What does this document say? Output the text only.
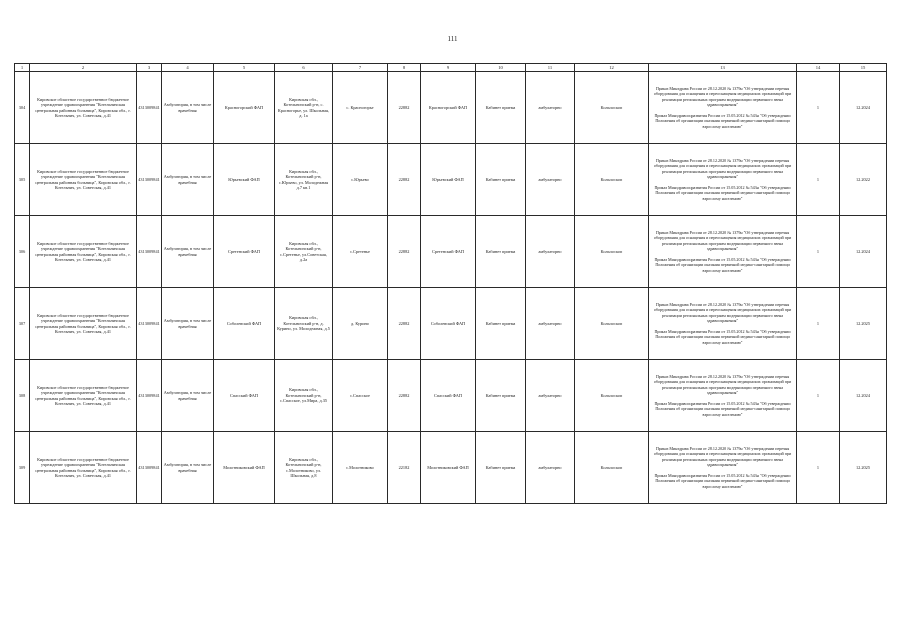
111
1	2	3	4	5	6	7	8	9	10	11	12	13	14	15
304	Кировское областное государственное бюджетное учреждение здравоохранения "Котельничская центральная районная больница", Кировская обл., г. Котельнич, ул. Советская, д.41	4313009841	Амбулатория, в том числе врачебная	Красногорский ФАП	Кировская обл., Котельничский р-н, с. Красногорье, ул. Школьная, д. 1а	с. Красногорье	22882	Красногорский ФАП	Кабинет приема	амбулаторно	Кольпоскоп	Приказ Минздрава России от 28.12.2020 № 1379н "Об утверждении перечня оборудования для оснащения и переоснащения медицинских организаций при реализации региональных программ модернизации первичного звена здравоохранения"
Приказ Минздравсоцразвития России от 15.05.2012 № 543н "Об утверждении Положения об организации оказания первичной медико-санитарной помощи взрослому населению"	1	12.2024
305	Кировское областное государственное бюджетное учреждение здравоохранения "Котельничская центральная районная больница", Кировская обл., г. Котельнич, ул. Советская, д.41	4313009841	Амбулатория, в том числе врачебная	Юрьевский ФАП	Кировская обл., Котельничский р-н, с.Юрьево, ул. Молодежная д.7 кв.1	с.Юрьево	22882	Юрьевский ФАП	Кабинет приема	амбулаторно	Кольпоскоп	Приказ Минздрава России от 28.12.2020 № 1379н "Об утверждении перечня оборудования для оснащения и переоснащения медицинских организаций при реализации региональных программ модернизации первичного звена здравоохранения"
Приказ Минздравсоцразвития России от 15.05.2012 № 543н "Об утверждении Положения об организации оказания первичной медико-санитарной помощи взрослому населению"	1	12.2022
306	Кировское областное государственное бюджетное учреждение здравоохранения "Котельничская центральная районная больница", Кировская обл., г. Котельнич, ул. Советская, д.41	4313009841	Амбулатория, в том числе врачебная	Сретенский ФАП	Кировская обл., Котельничский р-н, с.Сретенье, ул.Советская, д.2а	с.Сретенье	22882	Сретенский ФАП	Кабинет приема	амбулаторно	Кольпоскоп	Приказ Минздрава России от 28.12.2020 № 1379н "Об утверждении перечня оборудования для оснащения и переоснащения медицинских организаций при реализации региональных программ модернизации первичного звена здравоохранения"
Приказ Минздравсоцразвития России от 15.05.2012 № 543н "Об утверждении Положения об организации оказания первичной медико-санитарной помощи взрослому населению"	1	12.2024
307	Кировское областное государственное бюджетное учреждение здравоохранения "Котельничская центральная районная больница", Кировская обл., г. Котельнич, ул. Советская, д.41	4313009841	Амбулатория, в том числе врачебная	Соболевский ФАП	Кировская обл., Котельничский р-н, д. Курино, ул. Молодежная, д.5	д. Курино	22882	Соболевский ФАП	Кабинет приема	амбулаторно	Кольпоскоп	Приказ Минздрава России от 28.12.2020 № 1379н "Об утверждении перечня оборудования для оснащения и переоснащения медицинских организаций при реализации региональных программ модернизации первичного звена здравоохранения"
Приказ Минздравсоцразвития России от 15.05.2012 № 543н "Об утверждении Положения об организации оказания первичной медико-санитарной помощи взрослому населению"	1	12.2025
308	Кировское областное государственное бюджетное учреждение здравоохранения "Котельничская центральная районная больница", Кировская обл., г. Котельнич, ул. Советская, д.41	4313009841	Амбулатория, в том числе врачебная	Спасский ФАП	Кировская обл., Котельничский р-н, с.Спасское, ул.Мира, д.35	с.Спасское	22882	Спасский ФАП	Кабинет приема	амбулаторно	Кольпоскоп	Приказ Минздрава России от 28.12.2020 № 1379н "Об утверждении перечня оборудования для оснащения и переоснащения медицинских организаций при реализации региональных программ модернизации первичного звена здравоохранения"
Приказ Минздравсоцразвития России от 15.05.2012 № 543н "Об утверждении Положения об организации оказания первичной медико-санитарной помощи взрослому населению"	1	12.2024
309	Кировское областное государственное бюджетное учреждение здравоохранения "Котельничская центральная районная больница", Кировская обл., г. Котельнич, ул. Советская, д.41	4313009841	Амбулатория, в том числе врачебная	Молотниковский ФАП	Кировская обл., Котельничский р-н, с.Молотниково, ул. Школьная, д.8	с.Молотниково	22182	Молотниковский ФАП	Кабинет приема	амбулаторно	Кольпоскоп	Приказ Минздрава России от 28.12.2020 № 1379н "Об утверждении перечня оборудования для оснащения и переоснащения медицинских организаций при реализации региональных программ модернизации первичного звена здравоохранения"
Приказ Минздравсоцразвития России от 15.05.2012 № 543н "Об утверждении Положения об организации оказания первичной медико-санитарной помощи взрослому населению"	1	12.2025
